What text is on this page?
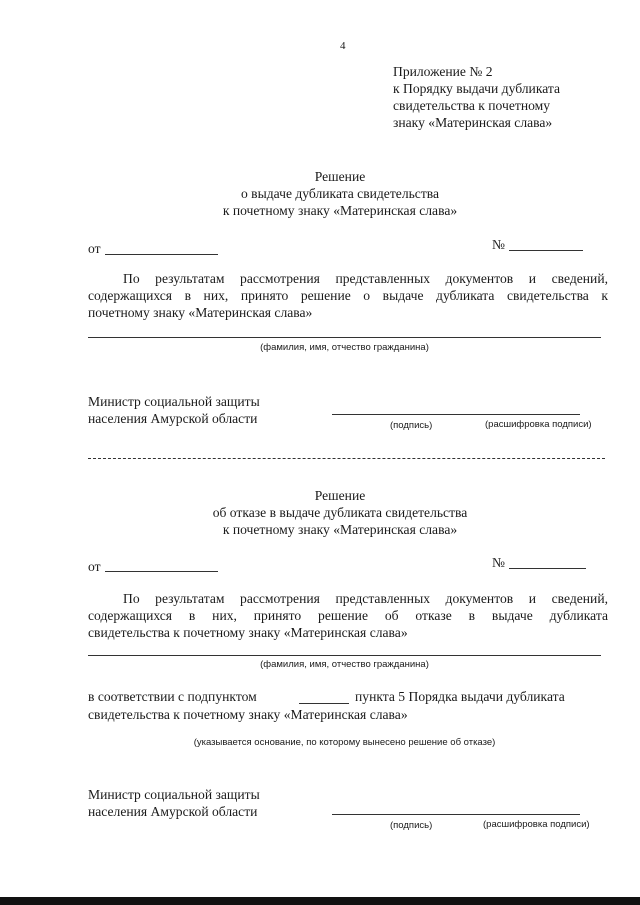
4
Приложение № 2
к Порядку выдачи дубликата
свидетельства к почетному
знаку «Материнская слава»
Решение
о выдаче дубликата свидетельства
к почетному знаку «Материнская слава»
от	№
По результатам рассмотрения представленных документов и сведений,
содержащихся в них, принято решение о выдаче дубликата свидетельства к
почетному знаку «Материнская слава»
(фамилия, имя, отчество гражданина)
Министр социальной защиты
населения Амурской области	(подпись)	(расшифровка подписи)
Решение
об отказе в выдаче дубликата свидетельства
к почетному знаку «Материнская слава»
от	№
По результатам рассмотрения представленных документов и сведений,
содержащихся в них, принято решение об отказе в выдаче дубликата
свидетельства к почетному знаку «Материнская слава»
(фамилия, имя, отчество гражданина)
в соответствии с подпунктом	пункта 5 Порядка выдачи дубликата
свидетельства к почетному знаку «Материнская слава»
(указывается основание, по которому вынесено решение об отказе)
Министр социальной защиты
населения Амурской области
(подпись)	(расшифровка подписи)
